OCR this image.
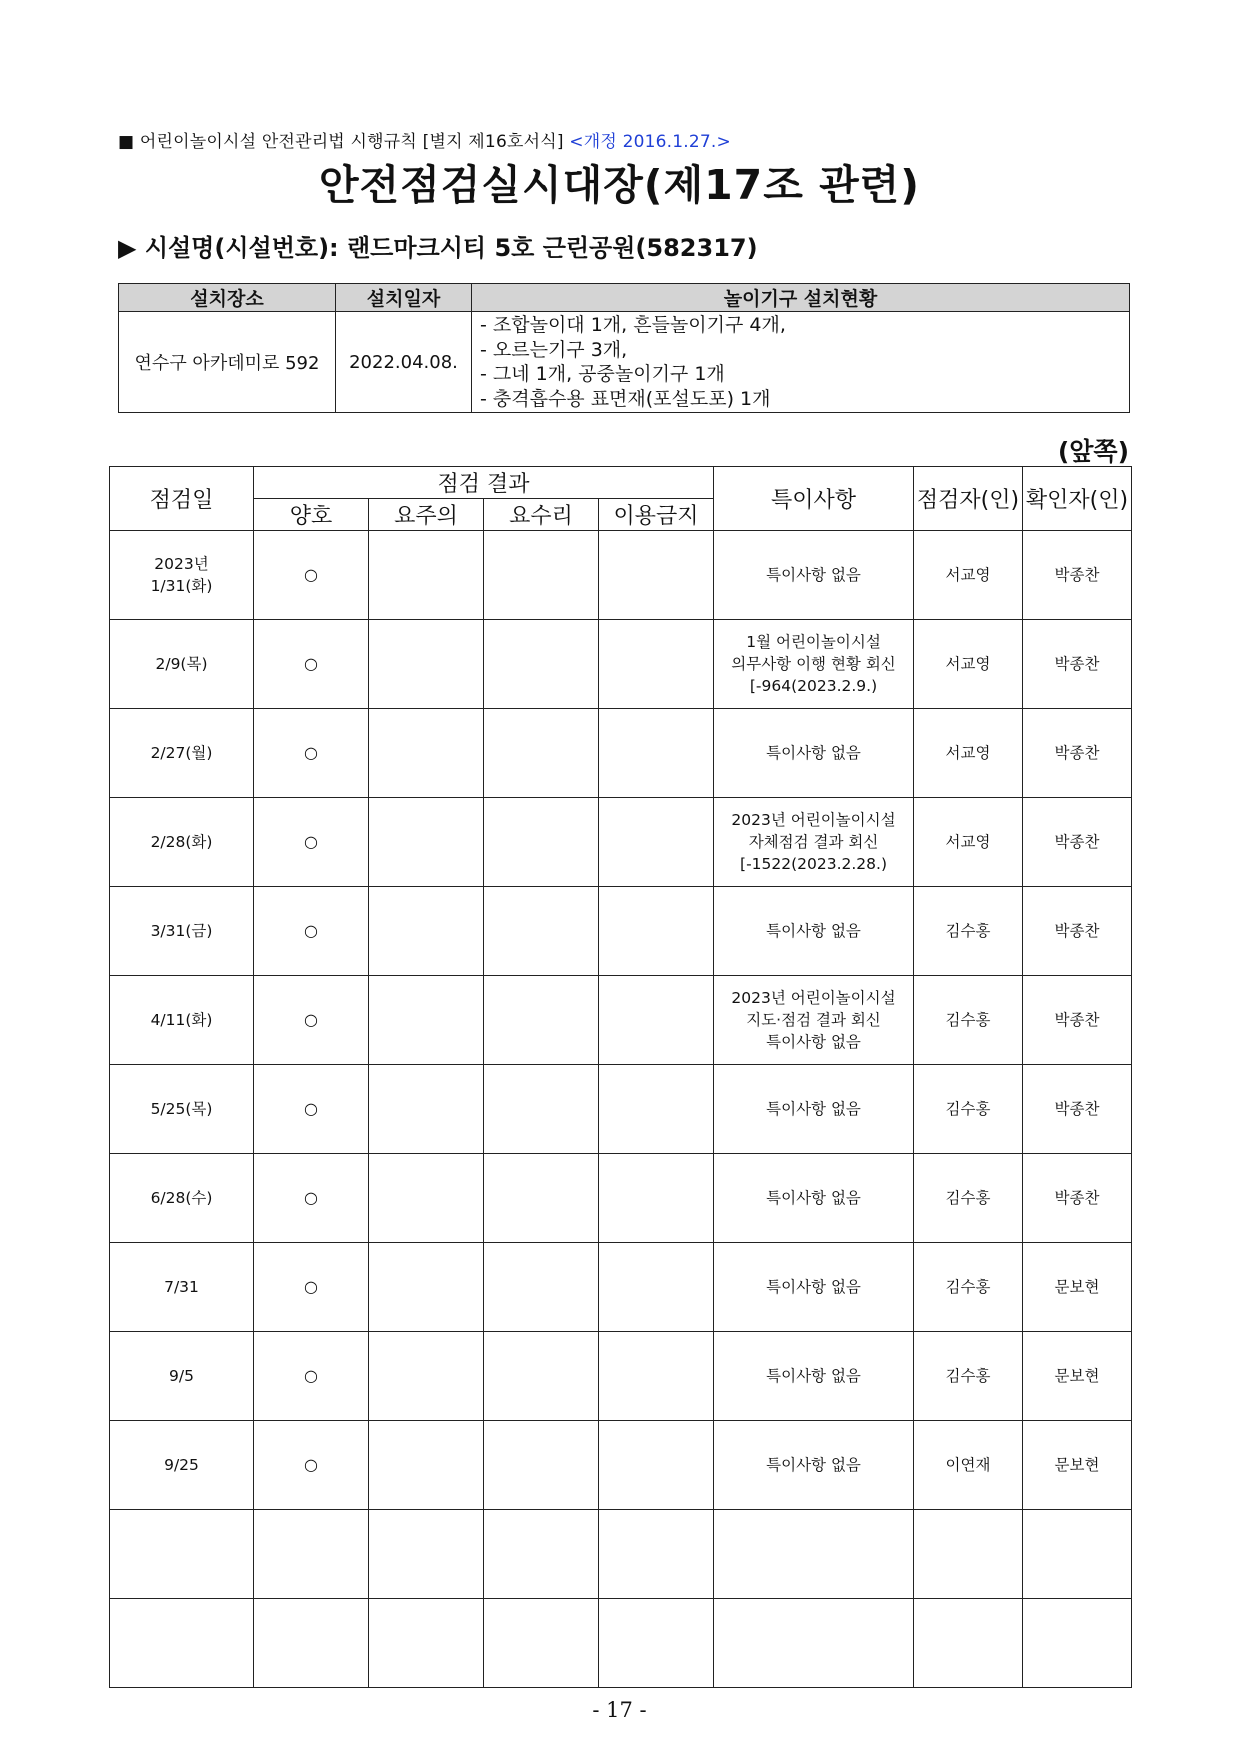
■ 어린이놀이시설 안전관리법 시행규칙 [별지 제16호서식] <개정 2016.1.27.>
안전점검실시대장(제17조 관련)
▶ 시설명(시설번호): 랜드마크시티 5호 근린공원(582317)
설치장소	설치일자	놀이기구 설치현황
연수구 아카데미로 592	2022.04.08.	- 조합놀이대 1개, 흔들놀이기구 4개,
- 오르는기구 3개,
- 그네 1개, 공중놀이기구 1개
- 충격흡수용 표면재(포설도포) 1개
(앞쪽)
점검일	점검 결과				특이사항	점검자(인)	확인자(인)
	양호	요주의	요수리	이용금지			

2023년
1/31(화)	○				특이사항 없음	서교영	박종찬

2/9(목)	○				1월 어린이놀이시설
의무사항 이행 현황 회신
[-964(2023.2.9.)	서교영	박종찬

2/27(월)	○				특이사항 없음	서교영	박종찬

2/28(화)	○				2023년 어린이놀이시설
자체점검 결과 회신
[-1522(2023.2.28.)	서교영	박종찬

3/31(금)	○				특이사항 없음	김수홍	박종찬

4/11(화)	○				2023년 어린이놀이시설
지도·점검 결과 회신
특이사항 없음	김수홍	박종찬

5/25(목)	○				특이사항 없음	김수홍	박종찬

6/28(수)	○				특이사항 없음	김수홍	박종찬

7/31	○				특이사항 없음	김수홍	문보현

9/5	○				특이사항 없음	김수홍	문보현

9/25	○				특이사항 없음	이연재	문보현

- 17 -
